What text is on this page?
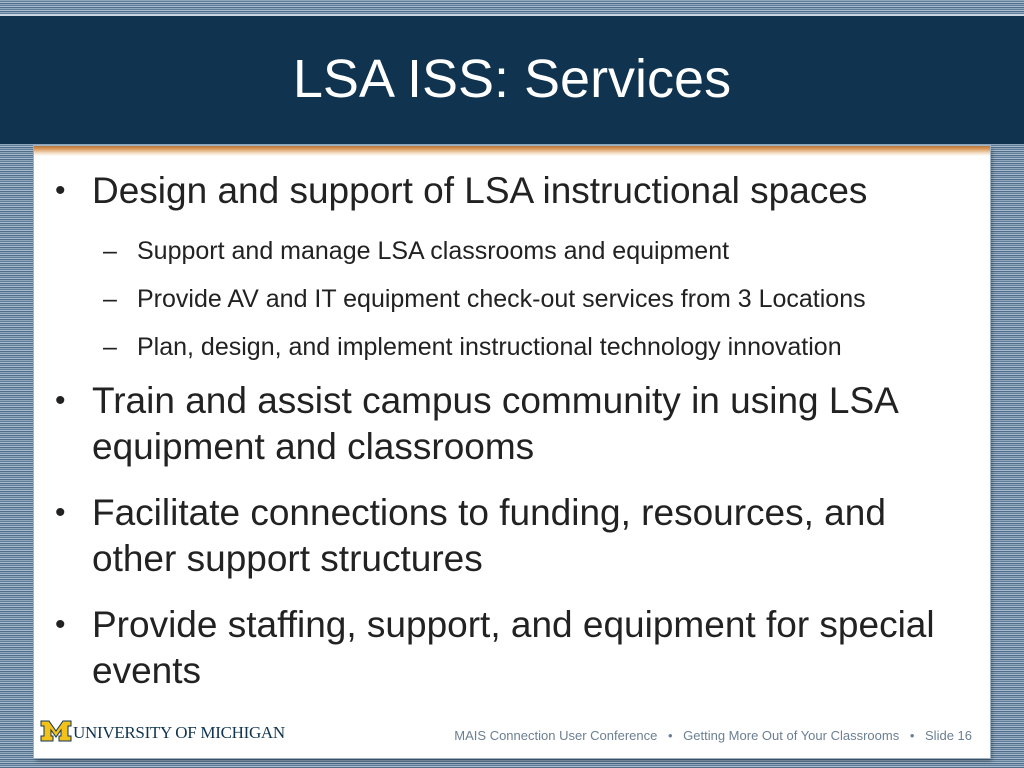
LSA ISS: Services
• Design and support of LSA instructional spaces
– Support and manage LSA classrooms and equipment
– Provide AV and IT equipment check-out services from 3 Locations
– Plan, design, and implement instructional technology innovation
• Train and assist campus community in using LSA equipment and classrooms
• Facilitate connections to funding, resources, and other support structures
• Provide staffing, support, and equipment for special events
UNIVERSITY OF MICHIGAN	MAIS Connection User Conference • Getting More Out of Your Classrooms • Slide 16
